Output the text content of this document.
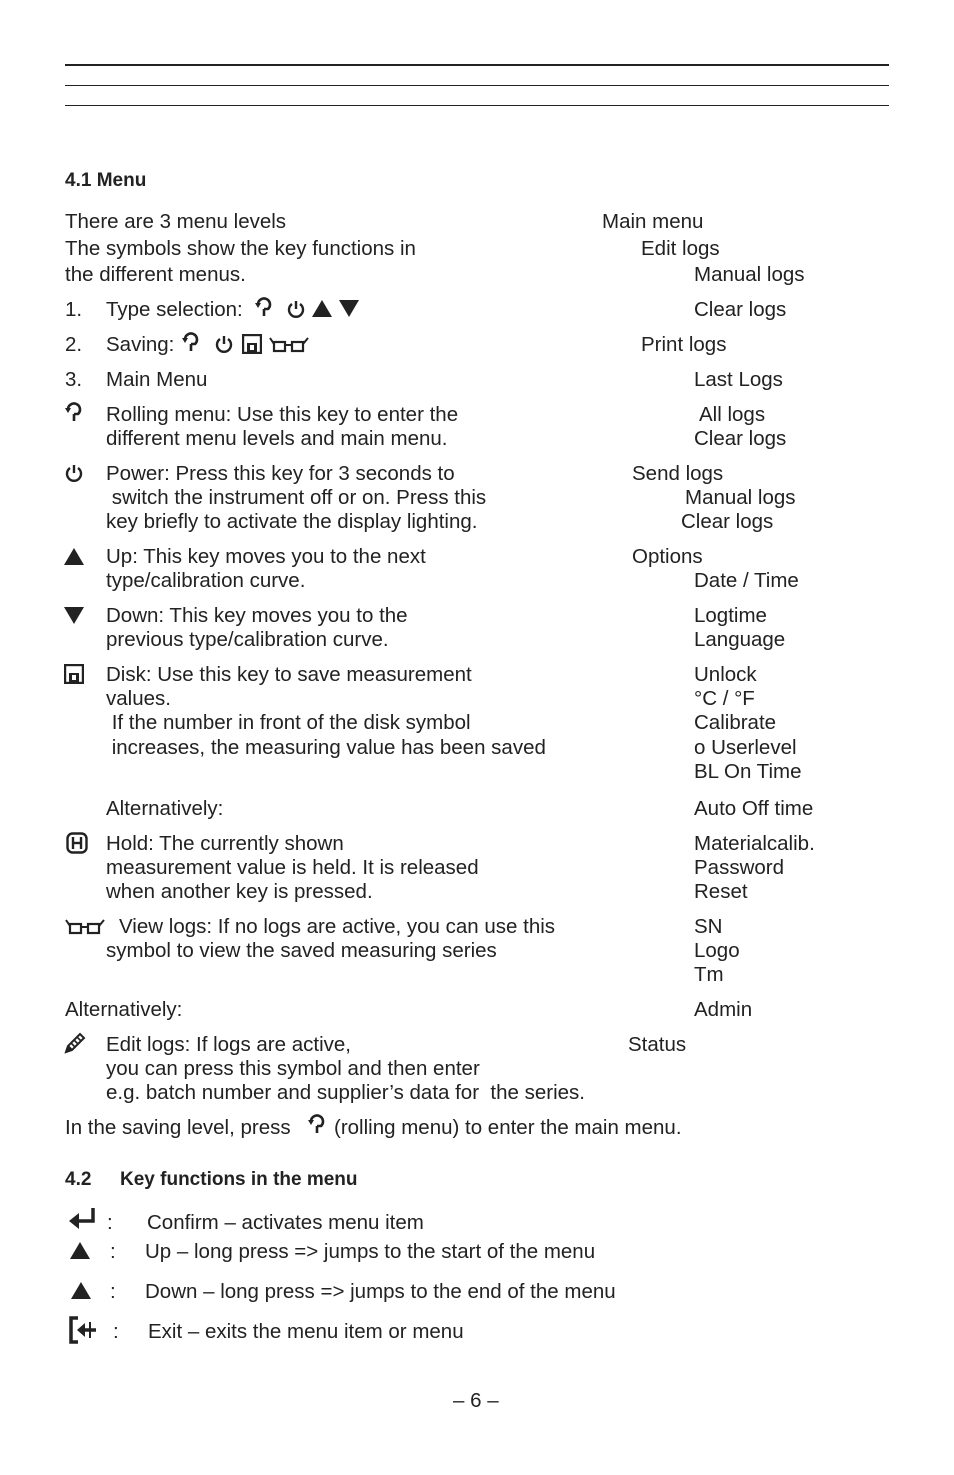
4.1 Menu
There are 3 menu levels
The symbols show the key functions in
the different menus.
1. Type selection:
2. Saving:
3. Main Menu
Rolling menu: Use this key to enter the
different menu levels and main menu.
Power: Press this key for 3 seconds to
switch the instrument off or on. Press this
key briefly to activate the display lighting.
Up: This key moves you to the next
type/calibration curve.
Down: This key moves you to the
previous type/calibration curve.
Disk: Use this key to save measurement
values.
If the number in front of the disk symbol
increases, the measuring value has been saved
Alternatively:
Hold: The currently shown
measurement value is held. It is released
when another key is pressed.
View logs: If no logs are active, you can use this
symbol to view the saved measuring series
Alternatively:
Edit logs: If logs are active,
you can press this symbol and then enter
e.g. batch number and supplier’s data for  the series.
In the saving level, press (rolling menu) to enter the main menu.
Main menu
Edit logs
Manual logs
Clear logs
Print logs
Last Logs
All logs
Clear logs
Send logs
Manual logs
Clear logs
Options
Date / Time
Logtime
Language
Unlock
°C / °F
Calibrate
o Userlevel
BL On Time
Auto Off time
Materialcalib.
Password
Reset
SN
Logo
Tm
Admin
Status
4.2 Key functions in the menu
: Confirm – activates menu item
: Up – long press => jumps to the start of the menu
: Down – long press => jumps to the end of the menu
: Exit – exits the menu item or menu
– 6 –
